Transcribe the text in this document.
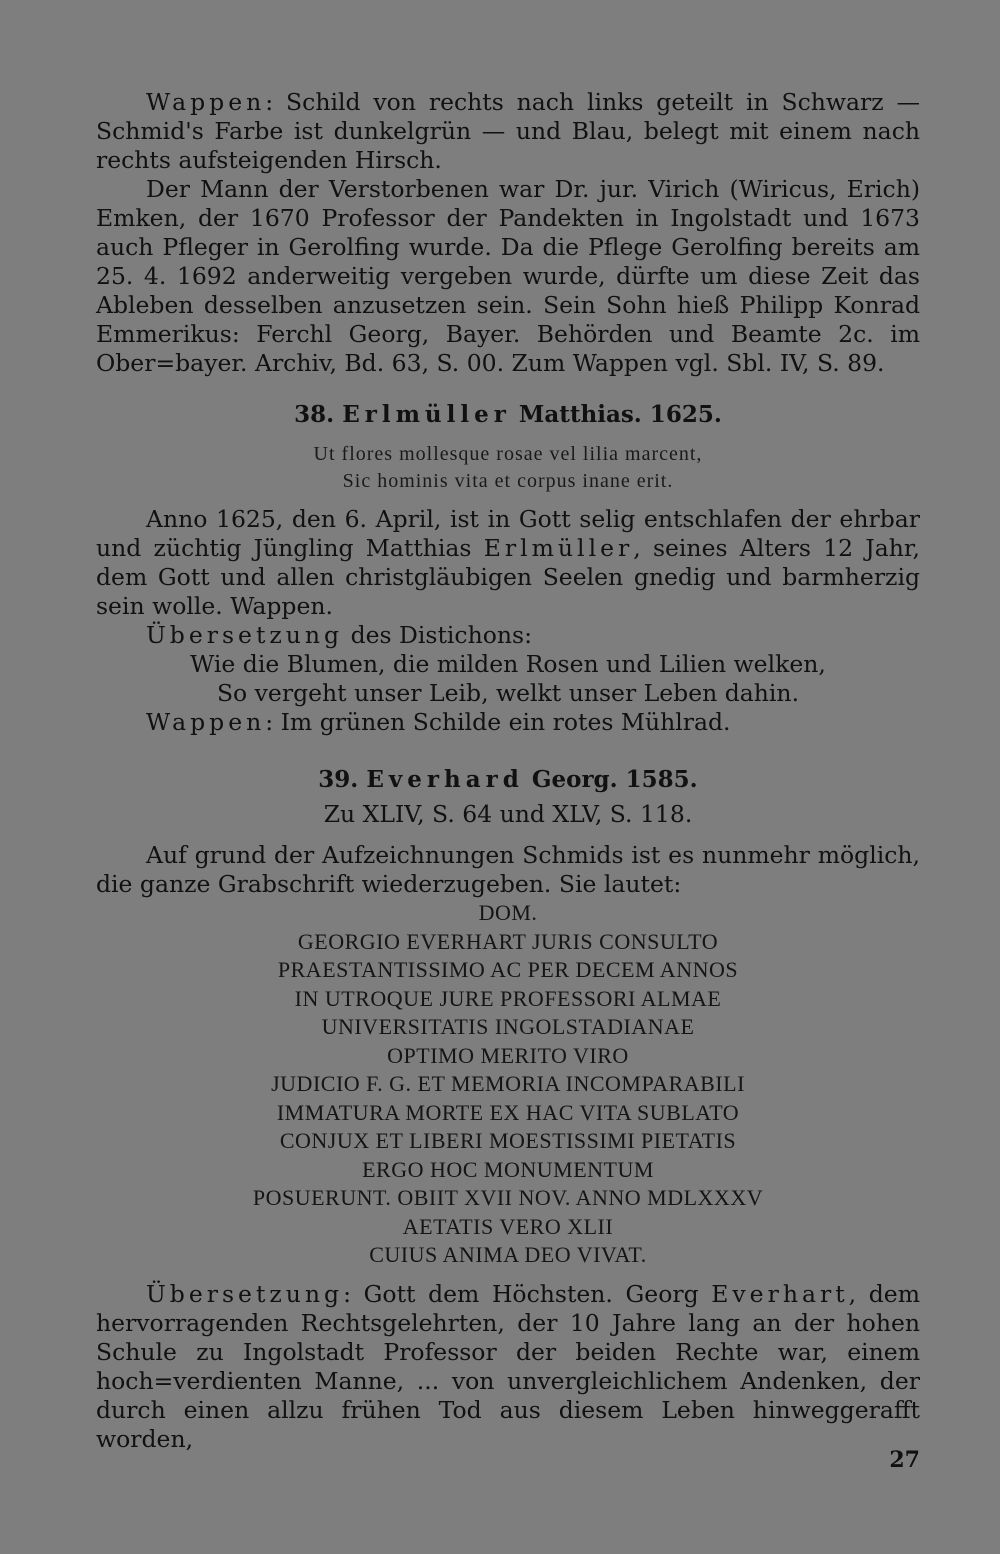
Wappen: Schild von rechts nach links geteilt in Schwarz — Schmid's Farbe ist dunkelgrün — und Blau, belegt mit einem nach rechts aufsteigenden Hirsch.

Der Mann der Verstorbenen war Dr. jur. Virich (Wiricus, Erich) Emken, der 1670 Professor der Pandekten in Ingolstadt und 1673 auch Pfleger in Gerolfing wurde. Da die Pflege Gerolfing bereits am 25. 4. 1692 anderweitig vergeben wurde, dürfte um diese Zeit das Ableben desselben anzusetzen sein. Sein Sohn hieß Philipp Konrad Emmerikus: Ferchl Georg, Bayer. Behörden und Beamte 2c. im Ober=bayer. Archiv, Bd. 63, S. 00. Zum Wappen vgl. Sbl. IV, S. 89.

38. Erlmüller Matthias. 1625.
Ut flores mollesque rosae vel lilia marcent,
Sic hominis vita et corpus inane erit.

Anno 1625, den 6. April, ist in Gott selig entschlafen der ehrbar und züchtig Jüngling Matthias Erlmüller, seines Alters 12 Jahr, dem Gott und allen christgläubigen Seelen gnedig und barmherzig sein wolle. Wappen.

Übersetzung des Distichons:

Wie die Blumen, die milden Rosen und Lilien welken,
So vergeht unser Leib, welkt unser Leben dahin.

Wappen: Im grünen Schilde ein rotes Mühlrad.

39. Everhard Georg. 1585.
Zu XLIV, S. 64 und XLV, S. 118.

Auf grund der Aufzeichnungen Schmids ist es nunmehr möglich, die ganze Grabschrift wiederzugeben. Sie lautet:

DOM.
GEORGIO EVERHART JURIS CONSULTO
PRAESTANTISSIMO AC PER DECEM ANNOS
IN UTROQUE JURE PROFESSORI ALMAE
UNIVERSITATIS INGOLSTADIANAE
OPTIMO MERITO VIRO
JUDICIO F. G. ET MEMORIA INCOMPARABILI
IMMATURA MORTE EX HAC VITA SUBLATO
CONJUX ET LIBERI MOESTISSIMI PIETATIS
ERGO HOC MONUMENTUM
POSUERUNT. OBIIT XVII NOV. ANNO MDLXXXV
AETATIS VERO XLII
CUIUS ANIMA DEO VIVAT.

Übersetzung: Gott dem Höchsten. Georg Everhart, dem hervorragenden Rechtsgelehrten, der 10 Jahre lang an der hohen Schule zu Ingolstadt Professor der beiden Rechte war, einem hoch=verdienten Manne, ... von unvergleichlichem Andenken, der durch einen allzu frühen Tod aus diesem Leben hinweggerafft worden,

27
